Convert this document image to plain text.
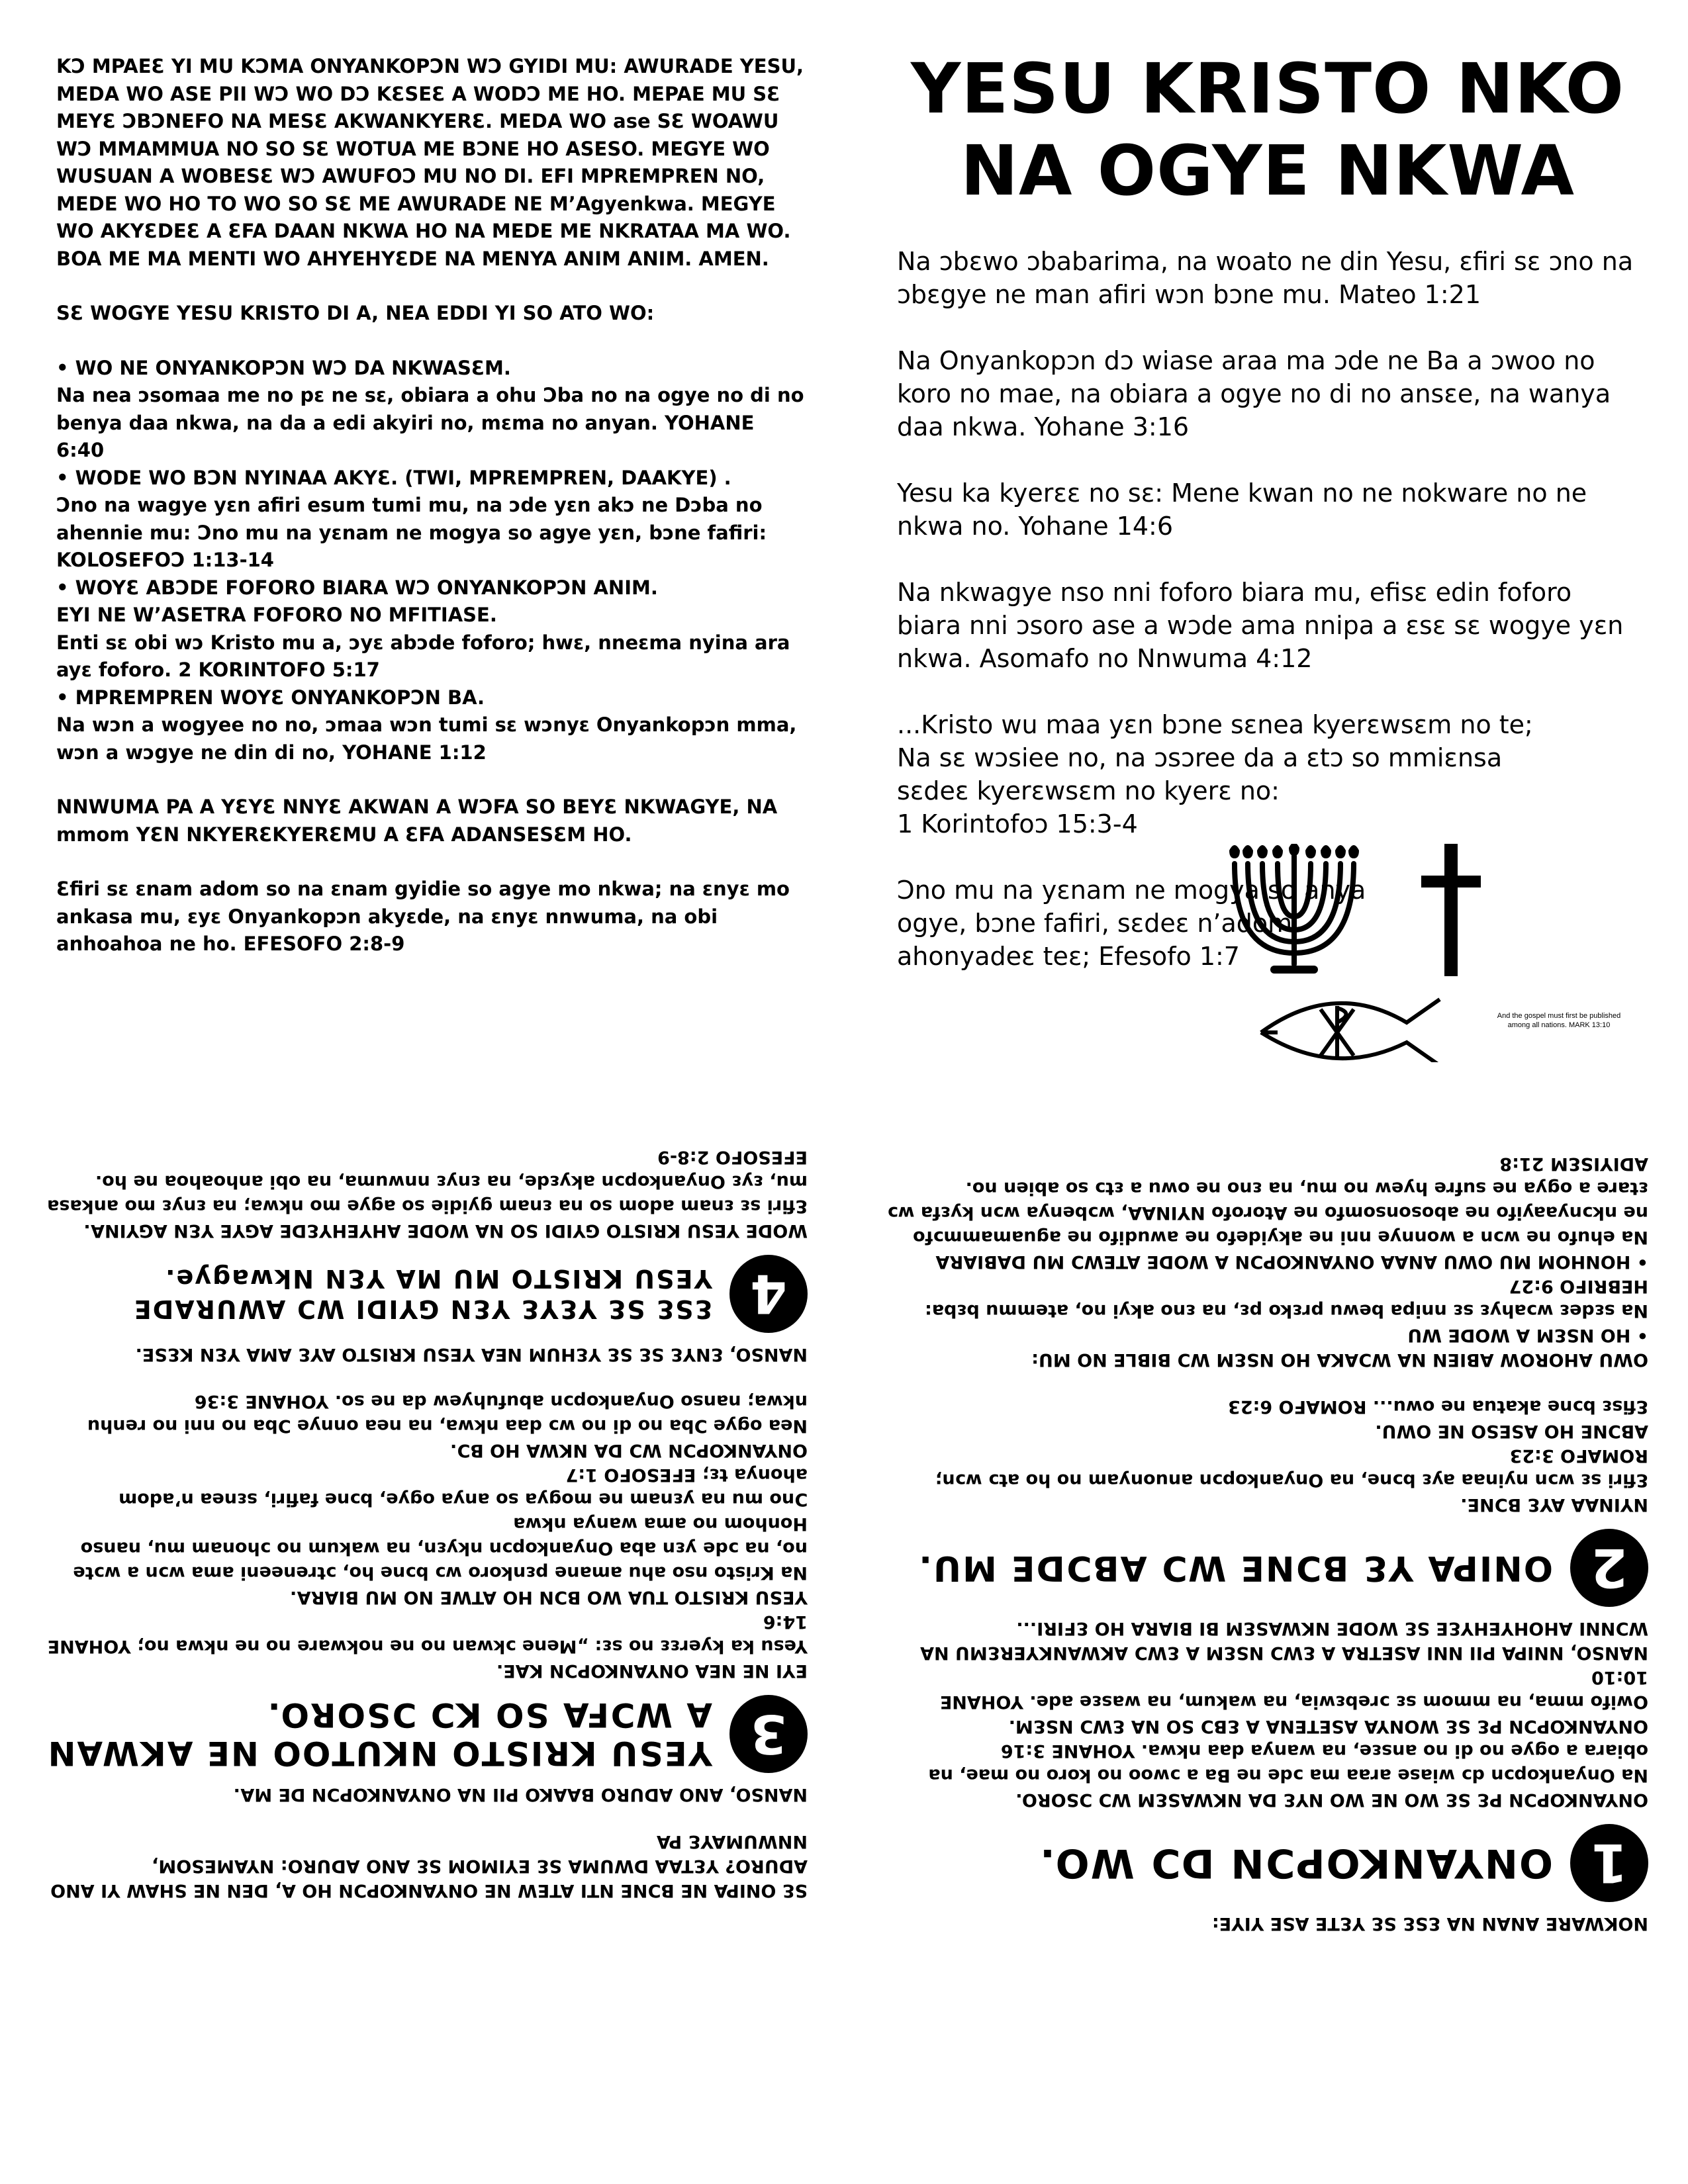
KƆ MPAEƐ YI MU KƆMA ONYANKOPƆN WƆ GYIDI MU: AWURADE YESU, MEDA WO ASE PII WƆ WO DƆ KƐSEƐ A WODƆ ME HO. MEPAE MU SƐ MEYƐ ƆBƆNEFO NA MESƐ AKWANKYERƐ. MEDA WO ase SƐ WOAWU WƆ MMAMMUA NO SO SƐ WOTUA ME BƆNE HO ASESO. MEGYE WO WUSUAN A WOBESƐ WƆ AWUFOƆ MU NO DI. EFI MPREMPREN NO, MEDE WO HO TO WO SO SƐ ME AWURADE NE M’Agyenkwa. MEGYE WO AKYƐDEƐ A ƐFA DAAN NKWA HO NA MEDE ME NKRATAA MA WO. BOA ME MA MENTI WO AHYEHYƐDE NA MENYA ANIM ANIM. AMEN.

SƐ WOGYE YESU KRISTO DI A, NEA EDDI YI SO ATO WO:

• WO NE ONYANKOPƆN WƆ DA NKWASƐM.

Na nea ɔsomaa me no pɛ ne sɛ, obiara a ohu Ɔba no na ogye no di no benya daa nkwa, na da a edi akyiri no, mɛma no anyan. YOHANE 6:40

• WODE WO BƆN NYINAA AKYƐ. (TWI, MPREMPREN, DAAKYE) .

Ɔno na wagye yɛn afiri esum tumi mu, na ɔde yɛn akɔ ne Dɔba no ahennie mu: Ɔno mu na yɛnam ne mogya so agye yɛn, bɔne fafiri: KOLOSEFOƆ 1:13-14

• WOYƐ ABƆDE FOFORO BIARA WƆ ONYANKOPƆN ANIM.

EYI NE W’ASETRA FOFORO NO MFITIASE.

Enti sɛ obi wɔ Kristo mu a, ɔyɛ abɔde foforo; hwɛ, nneɛma nyina ara ayɛ foforo. 2 KORINTOFO 5:17

• MPREMPREN WOYƐ ONYANKOPƆN BA.

Na wɔn a wogyee no no, ɔmaa wɔn tumi sɛ wɔnyɛ Onyankopɔn mma, wɔn a wɔgye ne din di no, YOHANE 1:12

NNWUMA PA A YƐYƐ NNYƐ AKWAN A WƆFA SO BEYƐ NKWAGYE, NA mmom YƐN NKYERƐKYERƐMU A ƐFA ADANSESƐM HO.

Ɛfiri sɛ ɛnam adom so na ɛnam gyidie so agye mo nkwa; na ɛnyɛ mo ankasa mu, ɛyɛ Onyankopɔn akyɛde, na ɛnyɛ nnwuma, na obi anhoahoa ne ho. EFESOFO 2:8-9

YESU KRISTO NKO
NA OGYE NKWA

Na ɔbɛwo ɔbabarima, na woato ne din Yesu, ɛfiri sɛ ɔno na ɔbɛgye ne man afiri wɔn bɔne mu. Mateo 1:21

Na Onyankopɔn dɔ wiase araa ma ɔde ne Ba a ɔwoo no koro no mae, na obiara a ogye no di no ansɛe, na wanya daa nkwa. Yohane 3:16

Yesu ka kyerɛɛ no sɛ: Mene kwan no ne nokware no ne nkwa no. Yohane 14:6

Na nkwagye nso nni foforo biara mu, efisɛ edin foforo biara nni ɔsoro ase a wɔde ama nnipa a ɛsɛ sɛ wogye yɛn nkwa. Asomafo no Nnwuma 4:12

...Kristo wu maa yɛn bɔne sɛnea kyerɛwsɛm no te;
Na sɛ wɔsiee no, na ɔsɔree da a ɛtɔ so mmiɛnsa
sɛdeɛ kyerɛwsɛm no kyerɛ no:
1 Korintofoɔ 15:3-4

Ɔno mu na yɛnam ne mogya so anya
ogye, bɔne fafiri, sɛdeɛ n’adom
ahonyadeɛ teɛ; Efesofo 1:7

And the gospel must first be published
among all nations. MARK 13:10

SƐ ONIPA NE BƆNE NTI ATEW NE ONYANKOPƆN HO A, DEN NE SHAW YI ANO ADURO? YƐTAA DWUMA SƐ EYIMOM SƐ ANO ADURO: NYAMESOM, NNWUMAYƐ PA

NANSO, ANO ADURO BAAKO PII NA ONYANKOPƆN DE MA.

3
YESU KRISTO NKUTOO NE AKWAN A WƆFA SO KƆ ƆSORO.

EYI NE NEA ONYANKOPƆN KAE.

Yesu ka kyerɛɛ no sɛ: „Mene ɔkwan no ne nokware no ne nkwa no; YOHANE 14:6

YESU KRISTO TUA WO BƆN HO ATWE NO MU BIARA.

Na Kristo nso ahu amane pɛnkoro wɔ bɔne ho, ɔtreneeni ama wɔn a wɔte no, na ɔde yɛn aba Onyankopɔn nkyɛn, na wakum no ɔhonam mu, nanso Honhom no ama wanya nkwa

Ɔno mu na yɛnam ne mogya so anya ogye, bɔne fafiri, sɛnea n’adom ahonya tɛ; EFESOFO 1:7

ONYANKOPƆN WƆ DA NKWA HO BƆ.

Nea ogye Ɔba no di no wɔ daa nkwa, na nea onnye Ɔba no nni no renhu nkwa; nanso Onyankopɔn abufuhyew da ne so. YOHANE 3:36

NANSO, ƐNYƐ SƐ SƐ YƐHUM NEA YESU KRISTO AYƐ AMA YƐN KƐSE.

4
ƐSƐ SƐ YƐYƐ YƐN GYIDI WƆ AWURADE YESU KRISTO MU MA YƐN Nkwagye.

WODE YESU KRISTO GYIDI SO NA WODE AHYEHYƐDE AGYE YƐN AGYINA.

Ɛfiri sɛ ɛnam adom so na ɛnam gyidie so agye mo nkwa; na ɛnyɛ mo ankasa mu, ɛyɛ Onyankopɔn akyɛde, na ɛnyɛ nnwuma, na obi anhoahoa ne ho. EFESOFO 2:8-9

NOKWARE ANAN NA ƐSƐ SƐ YƐTE ASE YIYE:

1
ONYANKOPƆN DƆ WO.

ONYANKOPƆN PƐ SƐ WO NE WO NYƐ DA NKWASƐM WƆ ƆSORO.

Na Onyankopɔn dɔ wiase araa ma ɔde ne Ba a ɔwoo no koro no mae, na obiara a ogye no di no ansɛe, na wanya daa nkwa. YOHANE 3:16

ONYANKOPƆN PƐ SƐ WONYA ASETENA A ƐBƆ SO NA ƐWƆ NSƐM.

Owifo mma, na mmom sɛ ɔrebɛwia, na wakum, na wasɛe ade. YOHANE 10:10

NANSO, NNIPA PII NNI ASETRA A ƐWƆ NSƐM A ƐWƆ AKWANKYERƐMU NA WƆNNI AHOHYEHYƐE SƐ WODE NKWASƐM BI BIARA HO ƐFIRI...

2
ONIPA YƐ BƆNE WƆ ABƆDE MU.

NYINAA AYƐ BƆNE.

Ɛfiri sɛ wɔn nyinaa ayɛ bɔne, na Onyankopɔn anuonyam no ho atɔ wɔn; ROMAFO 3:23

ABƆNE HO ASESO NE OWU.

Ɛfisɛ bɔne akatua ne owu... ROMAFO 6:23

OWU AHOROW ABIEN NA WƆAKA HO NSƐM WƆ BIBLE NO MU:

• HO NSƐM A WODE WU

Na sɛdeɛ wɔahyɛ sɛ nnipa bewu prɛko pɛ, na ɛno akyi no, atemmu bɛba: HEBRIFO 9:27

• HONHOM MU OWU ANAA ONYANKOPƆN A WODE ATEWƆ MU DABIARA

Na ehufo ne wɔn a wonnye nni ne akyidefo ne awudifo ne aguamammɔfo ne nkɔnyaayifo ne abosonsomfo ne Atorofo NYINAA, wɔbenya wɔn kyɛfa wɔ ɛtare a ogya ne sufre hyew no mu, na ɛno ne owu a ɛtɔ so abien no. ADIYISƐM 21:8
